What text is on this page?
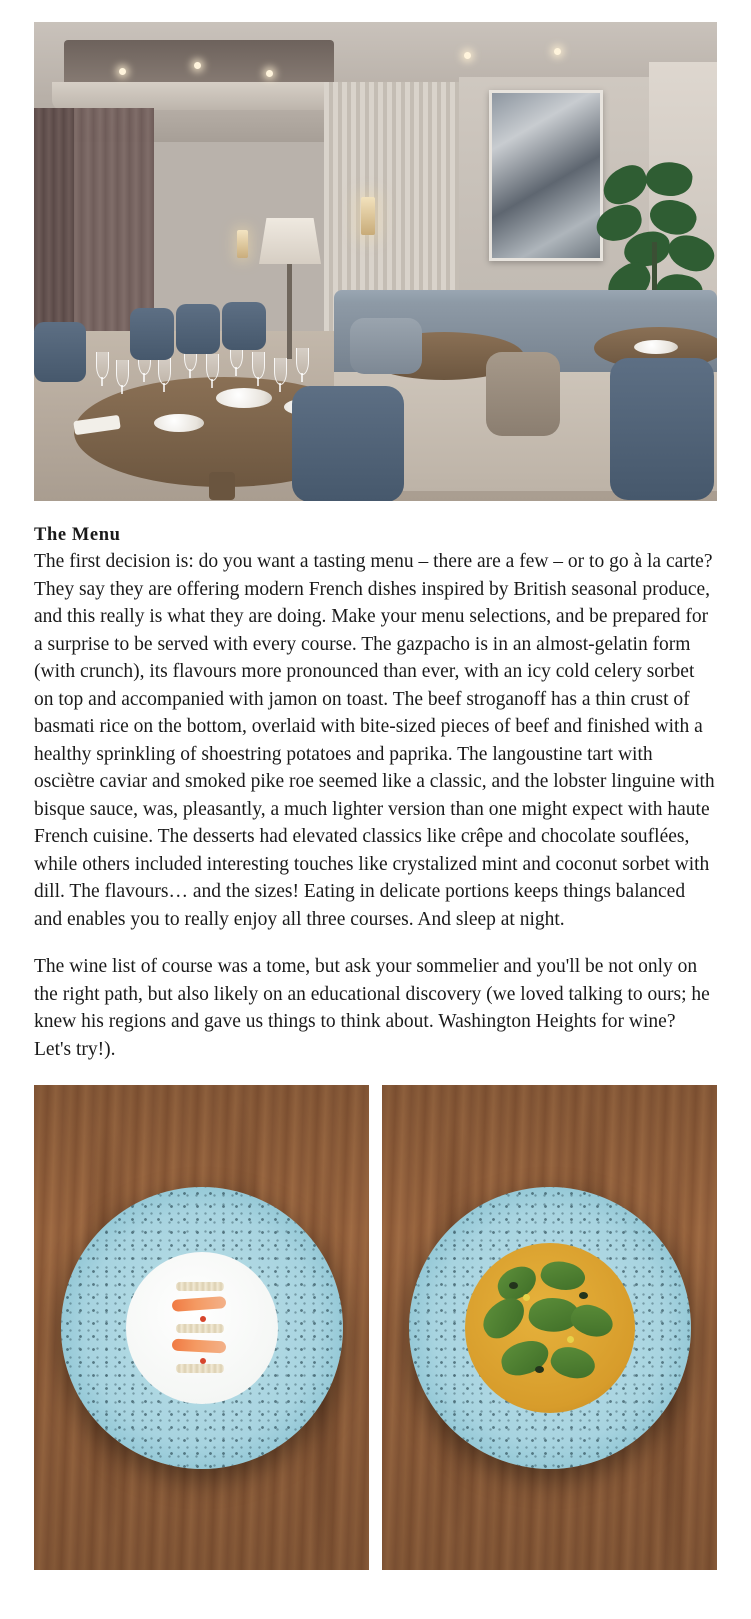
The Menu

The first decision is: do you want a tasting menu – there are a few – or to go à la carte? They say they are offering modern French dishes inspired by British seasonal produce, and this really is what they are doing. Make your menu selections, and be prepared for a surprise to be served with every course. The gazpacho is in an almost-gelatin form (with crunch), its flavours more pronounced than ever, with an icy cold celery sorbet on top and accompanied with jamon on toast. The beef stroganoff has a thin crust of basmati rice on the bottom, overlaid with bite-sized pieces of beef and finished with a healthy sprinkling of shoestring potatoes and paprika. The langoustine tart with osciètre caviar and smoked pike roe seemed like a classic, and the lobster linguine with bisque sauce, was, pleasantly, a much lighter version than one might expect with haute French cuisine. The desserts had elevated classics like crêpe and chocolate souflées, while others included interesting touches like crystalized mint and coconut sorbet with dill. The flavours… and the sizes! Eating in delicate portions keeps things balanced and enables you to really enjoy all three courses. And sleep at night.

The wine list of course was a tome, but ask your sommelier and you'll be not only on the right path, but also likely on an educational discovery (we loved talking to ours; he knew his regions and gave us things to think about. Washington Heights for wine? Let's try!).
